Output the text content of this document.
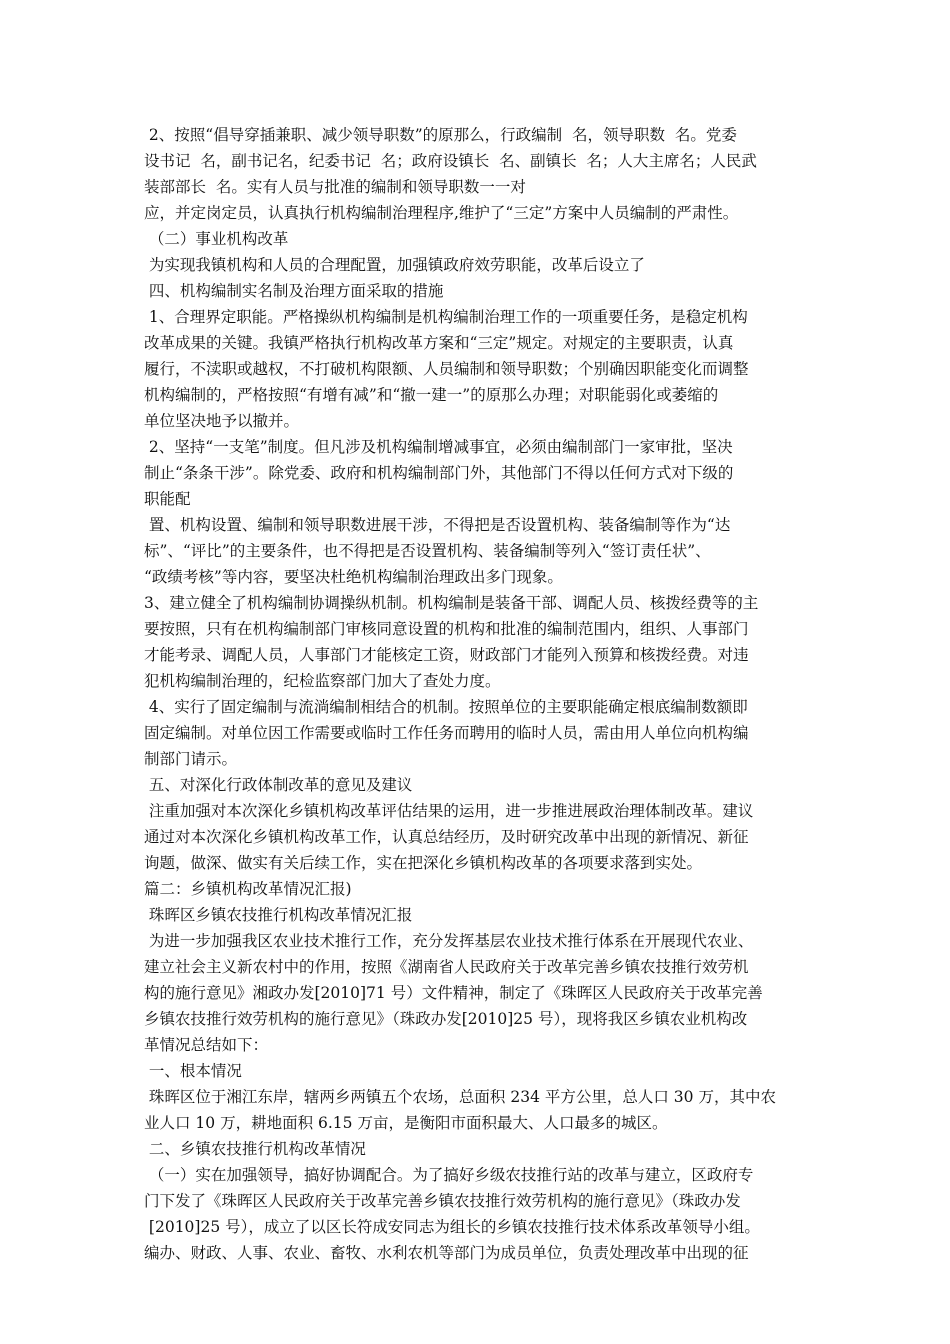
2、按照“倡导穿插兼职、减少领导职数”的原那么，行政编制  名，领导职数  名。党委
设书记  名，副书记名，纪委书记  名；政府设镇长  名、副镇长  名；人大主席名；人民武
装部部长  名。实有人员与批准的编制和领导职数一一对
应，并定岗定员，认真执行机构编制治理程序,维护了“三定”方案中人员编制的严肃性。
（二）事业机构改革
为实现我镇机构和人员的合理配置，加强镇政府效劳职能，改革后设立了
四、机构编制实名制及治理方面采取的措施
1、合理界定职能。严格操纵机构编制是机构编制治理工作的一项重要任务，是稳定机构
改革成果的关键。我镇严格执行机构改革方案和“三定”规定。对规定的主要职责，认真
履行，不渎职或越权，不打破机构限额、人员编制和领导职数；个别确因职能变化而调整
机构编制的，严格按照“有增有减”和“撤一建一”的原那么办理；对职能弱化或萎缩的
单位坚决地予以撤并。
2、坚持“一支笔”制度。但凡涉及机构编制增减事宜，必须由编制部门一家审批，坚决
制止“条条干涉”。除党委、政府和机构编制部门外，其他部门不得以任何方式对下级的
职能配
置、机构设置、编制和领导职数进展干涉，不得把是否设置机构、装备编制等作为“达
标”、“评比”的主要条件，也不得把是否设置机构、装备编制等列入“签订责任状”、
“政绩考核”等内容，要坚决杜绝机构编制治理政出多门现象。
3、建立健全了机构编制协调操纵机制。机构编制是装备干部、调配人员、核拨经费等的主
要按照，只有在机构编制部门审核同意设置的机构和批准的编制范围内，组织、人事部门
才能考录、调配人员，人事部门才能核定工资，财政部门才能列入预算和核拨经费。对违
犯机构编制治理的，纪检监察部门加大了查处力度。
4、实行了固定编制与流淌编制相结合的机制。按照单位的主要职能确定根底编制数额即
固定编制。对单位因工作需要或临时工作任务而聘用的临时人员，需由用人单位向机构编
制部门请示。
五、对深化行政体制改革的意见及建议
注重加强对本次深化乡镇机构改革评估结果的运用，进一步推进展政治理体制改革。建议
通过对本次深化乡镇机构改革工作，认真总结经历，及时研究改革中出现的新情况、新征
询题，做深、做实有关后续工作，实在把深化乡镇机构改革的各项要求落到实处。
篇二：乡镇机构改革情况汇报)
珠晖区乡镇农技推行机构改革情况汇报
为进一步加强我区农业技术推行工作，充分发挥基层农业技术推行体系在开展现代农业、
建立社会主义新农村中的作用，按照《湖南省人民政府关于改革完善乡镇农技推行效劳机
构的施行意见》湘政办发[2010]71 号）文件精神，制定了《珠晖区人民政府关于改革完善
乡镇农技推行效劳机构的施行意见》（珠政办发[2010]25 号），现将我区乡镇农业机构改
革情况总结如下：
一、根本情况
珠晖区位于湘江东岸，辖两乡两镇五个农场，总面积 234 平方公里，总人口 30 万，其中农
业人口 10 万，耕地面积 6.15 万亩，是衡阳市面积最大、人口最多的城区。
二、乡镇农技推行机构改革情况
（一）实在加强领导，搞好协调配合。为了搞好乡级农技推行站的改革与建立，区政府专
门下发了《珠晖区人民政府关于改革完善乡镇农技推行效劳机构的施行意见》（珠政办发
[2010]25 号），成立了以区长符成安同志为组长的乡镇农技推行技术体系改革领导小组。
编办、财政、人事、农业、畜牧、水利农机等部门为成员单位，负责处理改革中出现的征
